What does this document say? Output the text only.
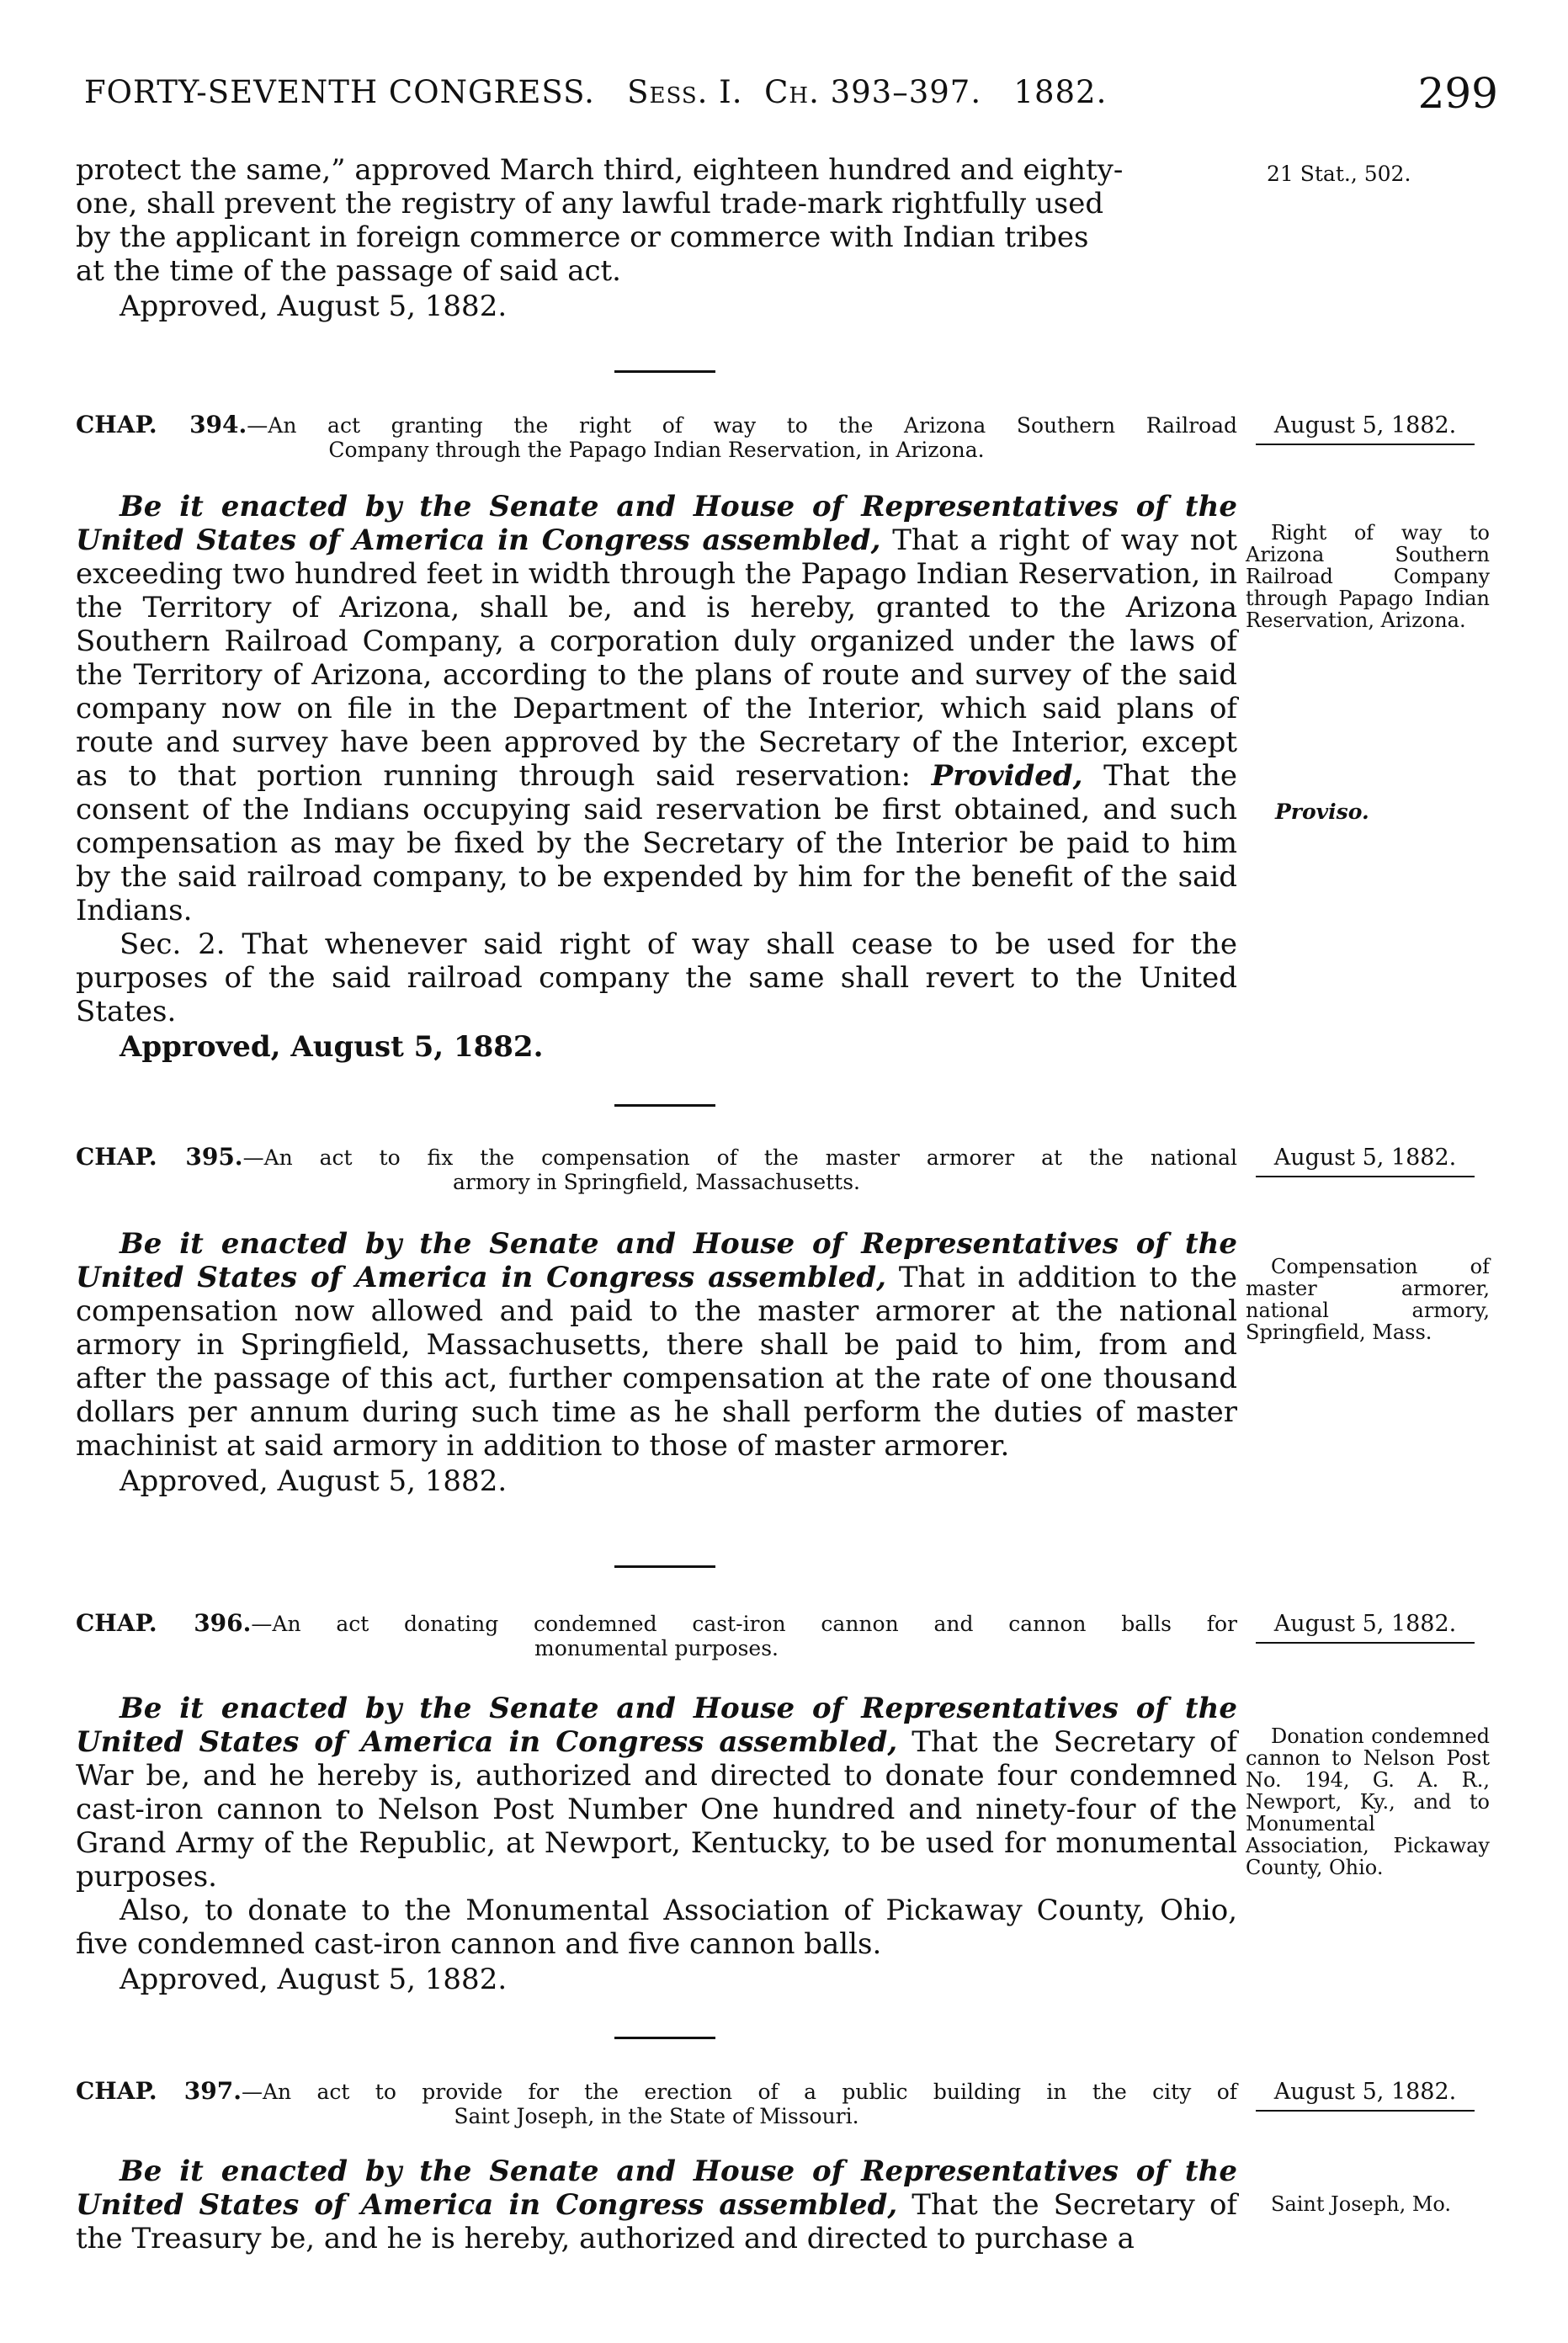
FORTY-SEVENTH CONGRESS. Sess. I. Ch. 393–397. 1882.	299
protect the same,” approved March third, eighteen hundred and eighty-
one, shall prevent the registry of any lawful trade-mark rightfully used
by the applicant in foreign commerce or commerce with Indian tribes
at the time of the passage of said act.
Approved, August 5, 1882.
21 Stat., 502.
CHAP. 394.—An act granting the right of way to the Arizona Southern Railroad
Company through the Papago Indian Reservation, in Arizona.
August 5, 1882.
Be it enacted by the Senate and House of Representatives of the United States of America in Congress assembled, That a right of way not exceeding two hundred feet in width through the Papago Indian Reservation, in the Territory of Arizona, shall be, and is hereby, granted to the Arizona Southern Railroad Company, a corporation duly organized under the laws of the Territory of Arizona, according to the plans of route and survey of the said company now on file in the Department of the Interior, which said plans of route and survey have been approved by the Secretary of the Interior, except as to that portion running through said reservation: Provided, That the consent of the Indians occupying said reservation be first obtained, and such compensation as may be fixed by the Secretary of the Interior be paid to him by the said railroad company, to be expended by him for the benefit of the said Indians.
Sec. 2. That whenever said right of way shall cease to be used for the purposes of the said railroad company the same shall revert to the United States.
Approved, August 5, 1882.
Right of way to Arizona Southern Railroad Company through Papago Indian Reservation, Arizona.
Proviso.
CHAP. 395.—An act to fix the compensation of the master armorer at the national
armory in Springfield, Massachusetts.
August 5, 1882.
Be it enacted by the Senate and House of Representatives of the United States of America in Congress assembled, That in addition to the compensation now allowed and paid to the master armorer at the national armory in Springfield, Massachusetts, there shall be paid to him, from and after the passage of this act, further compensation at the rate of one thousand dollars per annum during such time as he shall perform the duties of master machinist at said armory in addition to those of master armorer.
Approved, August 5, 1882.
Compensation of master armorer, national armory, Springfield, Mass.
CHAP. 396.—An act donating condemned cast-iron cannon and cannon balls for
monumental purposes.
August 5, 1882.
Be it enacted by the Senate and House of Representatives of the United States of America in Congress assembled, That the Secretary of War be, and he hereby is, authorized and directed to donate four condemned cast-iron cannon to Nelson Post Number One hundred and ninety-four of the Grand Army of the Republic, at Newport, Kentucky, to be used for monumental purposes.
Also, to donate to the Monumental Association of Pickaway County, Ohio, five condemned cast-iron cannon and five cannon balls.
Approved, August 5, 1882.
Donation condemned cannon to Nelson Post No. 194, G. A. R., Newport, Ky., and to Monumental Association, Pickaway County, Ohio.
CHAP. 397.—An act to provide for the erection of a public building in the city of
Saint Joseph, in the State of Missouri.
August 5, 1882.
Be it enacted by the Senate and House of Representatives of the United States of America in Congress assembled, That the Secretary of the Treasury be, and he is hereby, authorized and directed to purchase a
Saint Joseph, Mo.
